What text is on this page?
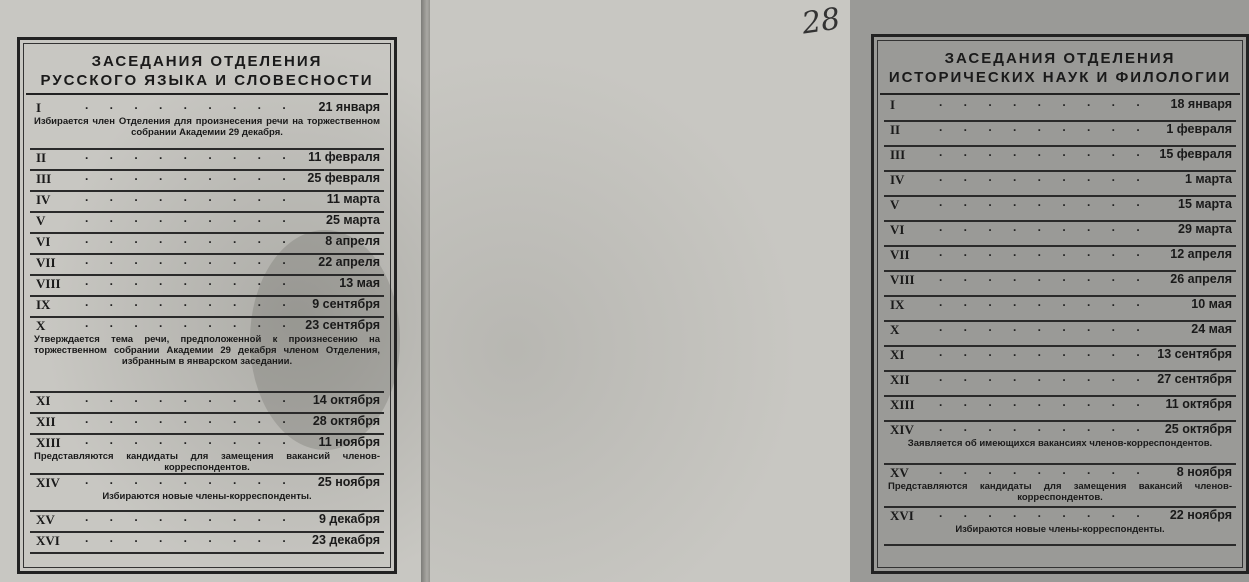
ЗАСЕДАНИЯ ОТДЕЛЕНИЯ
РУССКОГО ЯЗЫКА И СЛОВЕСНОСТИ
I	. . . . . . . . . 21 января
Избирается член Отделения для произнесения речи на торжественном собрании Академии 29 декабря.
II	. . . . . . . . . 11 февраля
III	. . . . . . . . . 25 февраля
IV	. . . . . . . . .	11 марта
V	. . . . . . . . .	25 марта
VI	. . . . . . . . . 8 апреля
VII . . . . . . . . . 22 апреля
VIII . . . . . . . . .	13 мая
IX	. . . . . . . . . 9 сентября
X	. . . . . . . . . 23 сентября
Утверждается тема речи, предположенной к произнесению на торжественном собрании Академии 29 декабря членом Отделения, избранным в январском заседании.
XI	. . . . . . . . . 14 октября
XII . . . . . . . . . 28 октября
XIII . . . . . . . . . 11 ноября
Представляются кандидаты для замещения вакансий членов-корреспондентов.
XIV . . . . . . . . . 25 ноября
Избираются новые члены-корреспонденты.
XV	. . . . . . . . . 9 декабря
XVI . . . . . . . . . 23 декабря
28
ЗАСЕДАНИЯ ОТДЕЛЕНИЯ
ИСТОРИЧЕСКИХ НАУК И ФИЛОЛОГИИ
I	. . . . . . . . . 18 января
II	. . . . . . . . . 1 февраля
III	. . . . . . . . . 15 февраля
IV	. . . . . . . . .	1 марта
V	. . . . . . . . . 15 марта
VI	. . . . . . . . . 29 марта
VII . . . . . . . . . 12 апреля
VIII . . . . . . . . . 26 апреля
IX	. . . . . . . . .	10 мая
X	. . . . . . . . .	24 мая
XI	. . . . . . . . . 13 сентября
XII . . . . . . . . . 27 сентября
XIII . . . . . . . . . 11 октября
XIV . . . . . . . . . 25 октября
Заявляется об имеющихся вакансиях членов-корреспондентов.
XV	. . . . . . . . . 8 ноября
Представляются кандидаты для замещения вакансий членов-корреспондентов.
XVI . . . . . . . . . 22 ноября
Избираются новые члены-корреспонденты.
